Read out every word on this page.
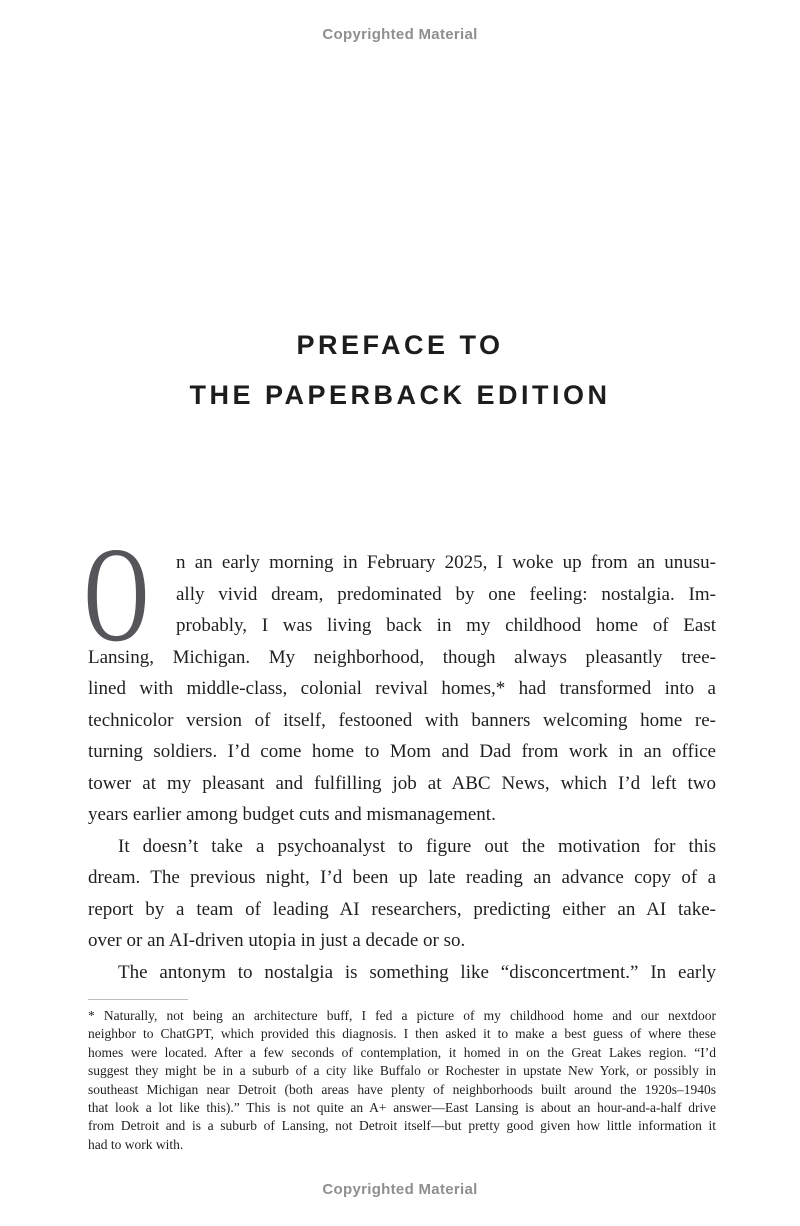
Copyrighted Material
PREFACE TO
THE PAPERBACK EDITION
O	n an early morning in February 2025, I woke up from an unusu-
ally vivid dream, predominated by one feeling: nostalgia. Im-
probably, I was living back in my childhood home of East
Lansing, Michigan. My neighborhood, though always pleasantly tree-
lined with middle-class, colonial revival homes,* had transformed into a
technicolor version of itself, festooned with banners welcoming home re-
turning soldiers. I’d come home to Mom and Dad from work in an office
tower at my pleasant and fulfilling job at ABC News, which I’d left two
years earlier among budget cuts and mismanagement.
It doesn’t take a psychoanalyst to figure out the motivation for this
dream. The previous night, I’d been up late reading an advance copy of a
report by a team of leading AI researchers, predicting either an AI take-
over or an AI-driven utopia in just a decade or so.
The antonym to nostalgia is something like “disconcertment.” In early
* Naturally, not being an architecture buff, I fed a picture of my childhood home and our nextdoor
neighbor to ChatGPT, which provided this diagnosis. I then asked it to make a best guess of where these
homes were located. After a few seconds of contemplation, it homed in on the Great Lakes region. “I’d
suggest they might be in a suburb of a city like Buffalo or Rochester in upstate New York, or possibly in
southeast Michigan near Detroit (both areas have plenty of neighborhoods built around the 1920s–1940s
that look a lot like this).” This is not quite an A+ answer—East Lansing is about an hour-and-a-half drive
from Detroit and is a suburb of Lansing, not Detroit itself—but pretty good given how little information it
had to work with.
Copyrighted Material
